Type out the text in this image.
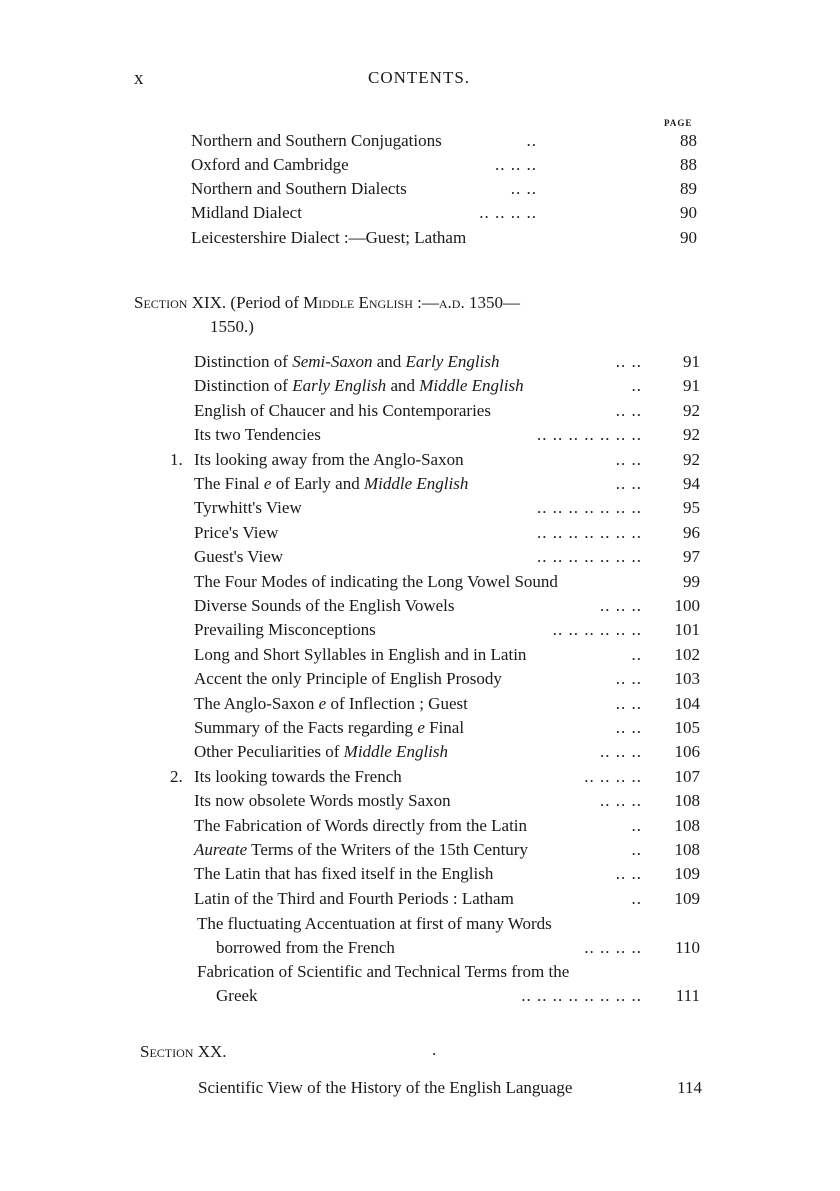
x	CONTENTS.
PAGE
Northern and Southern Conjugations	..	88
Oxford and Cambridge	.. .. ..	88
Northern and Southern Dialects	.. ..	89
Midland Dialect	.. .. .. ..	90
Leicestershire Dialect :—Guest; Latham	90
Section XIX. (Period of Middle English :—a.d. 1350—
1550.)
Distinction of Semi-Saxon and Early English	.. ..	91
Distinction of Early English and Middle English	..	91
English of Chaucer and his Contemporaries	.. ..	92
Its two Tendencies	.. .. .. .. .. .. ..	92
1. Its looking away from the Anglo-Saxon	.. ..	92
The Final e of Early and Middle English	.. ..	94
Tyrwhitt's View	.. .. .. .. .. .. ..	95
Price's View	.. .. .. .. .. .. ..	96
Guest's View	.. .. .. .. .. .. ..	97
The Four Modes of indicating the Long Vowel Sound	99
Diverse Sounds of the English Vowels	.. .. ..	100
Prevailing Misconceptions	.. .. .. .. .. ..	101
Long and Short Syllables in English and in Latin	..	102
Accent the only Principle of English Prosody	.. ..	103
The Anglo-Saxon e of Inflection ; Guest	.. ..	104
Summary of the Facts regarding e Final	.. ..	105
Other Peculiarities of Middle English	.. .. ..	106
2. Its looking towards the French	.. .. .. ..	107
Its now obsolete Words mostly Saxon	.. .. ..	108
The Fabrication of Words directly from the Latin	..	108
Aureate Terms of the Writers of the 15th Century	..	108
The Latin that has fixed itself in the English	.. ..	109
Latin of the Third and Fourth Periods : Latham	..	109
The fluctuating Accentuation at first of many Words
borrowed from the French	.. .. .. ..	110
Fabrication of Scientific and Technical Terms from the
Greek	.. .. .. .. .. .. .. ..	111
Section XX.	.
Scientific View of the History of the English Language	114
